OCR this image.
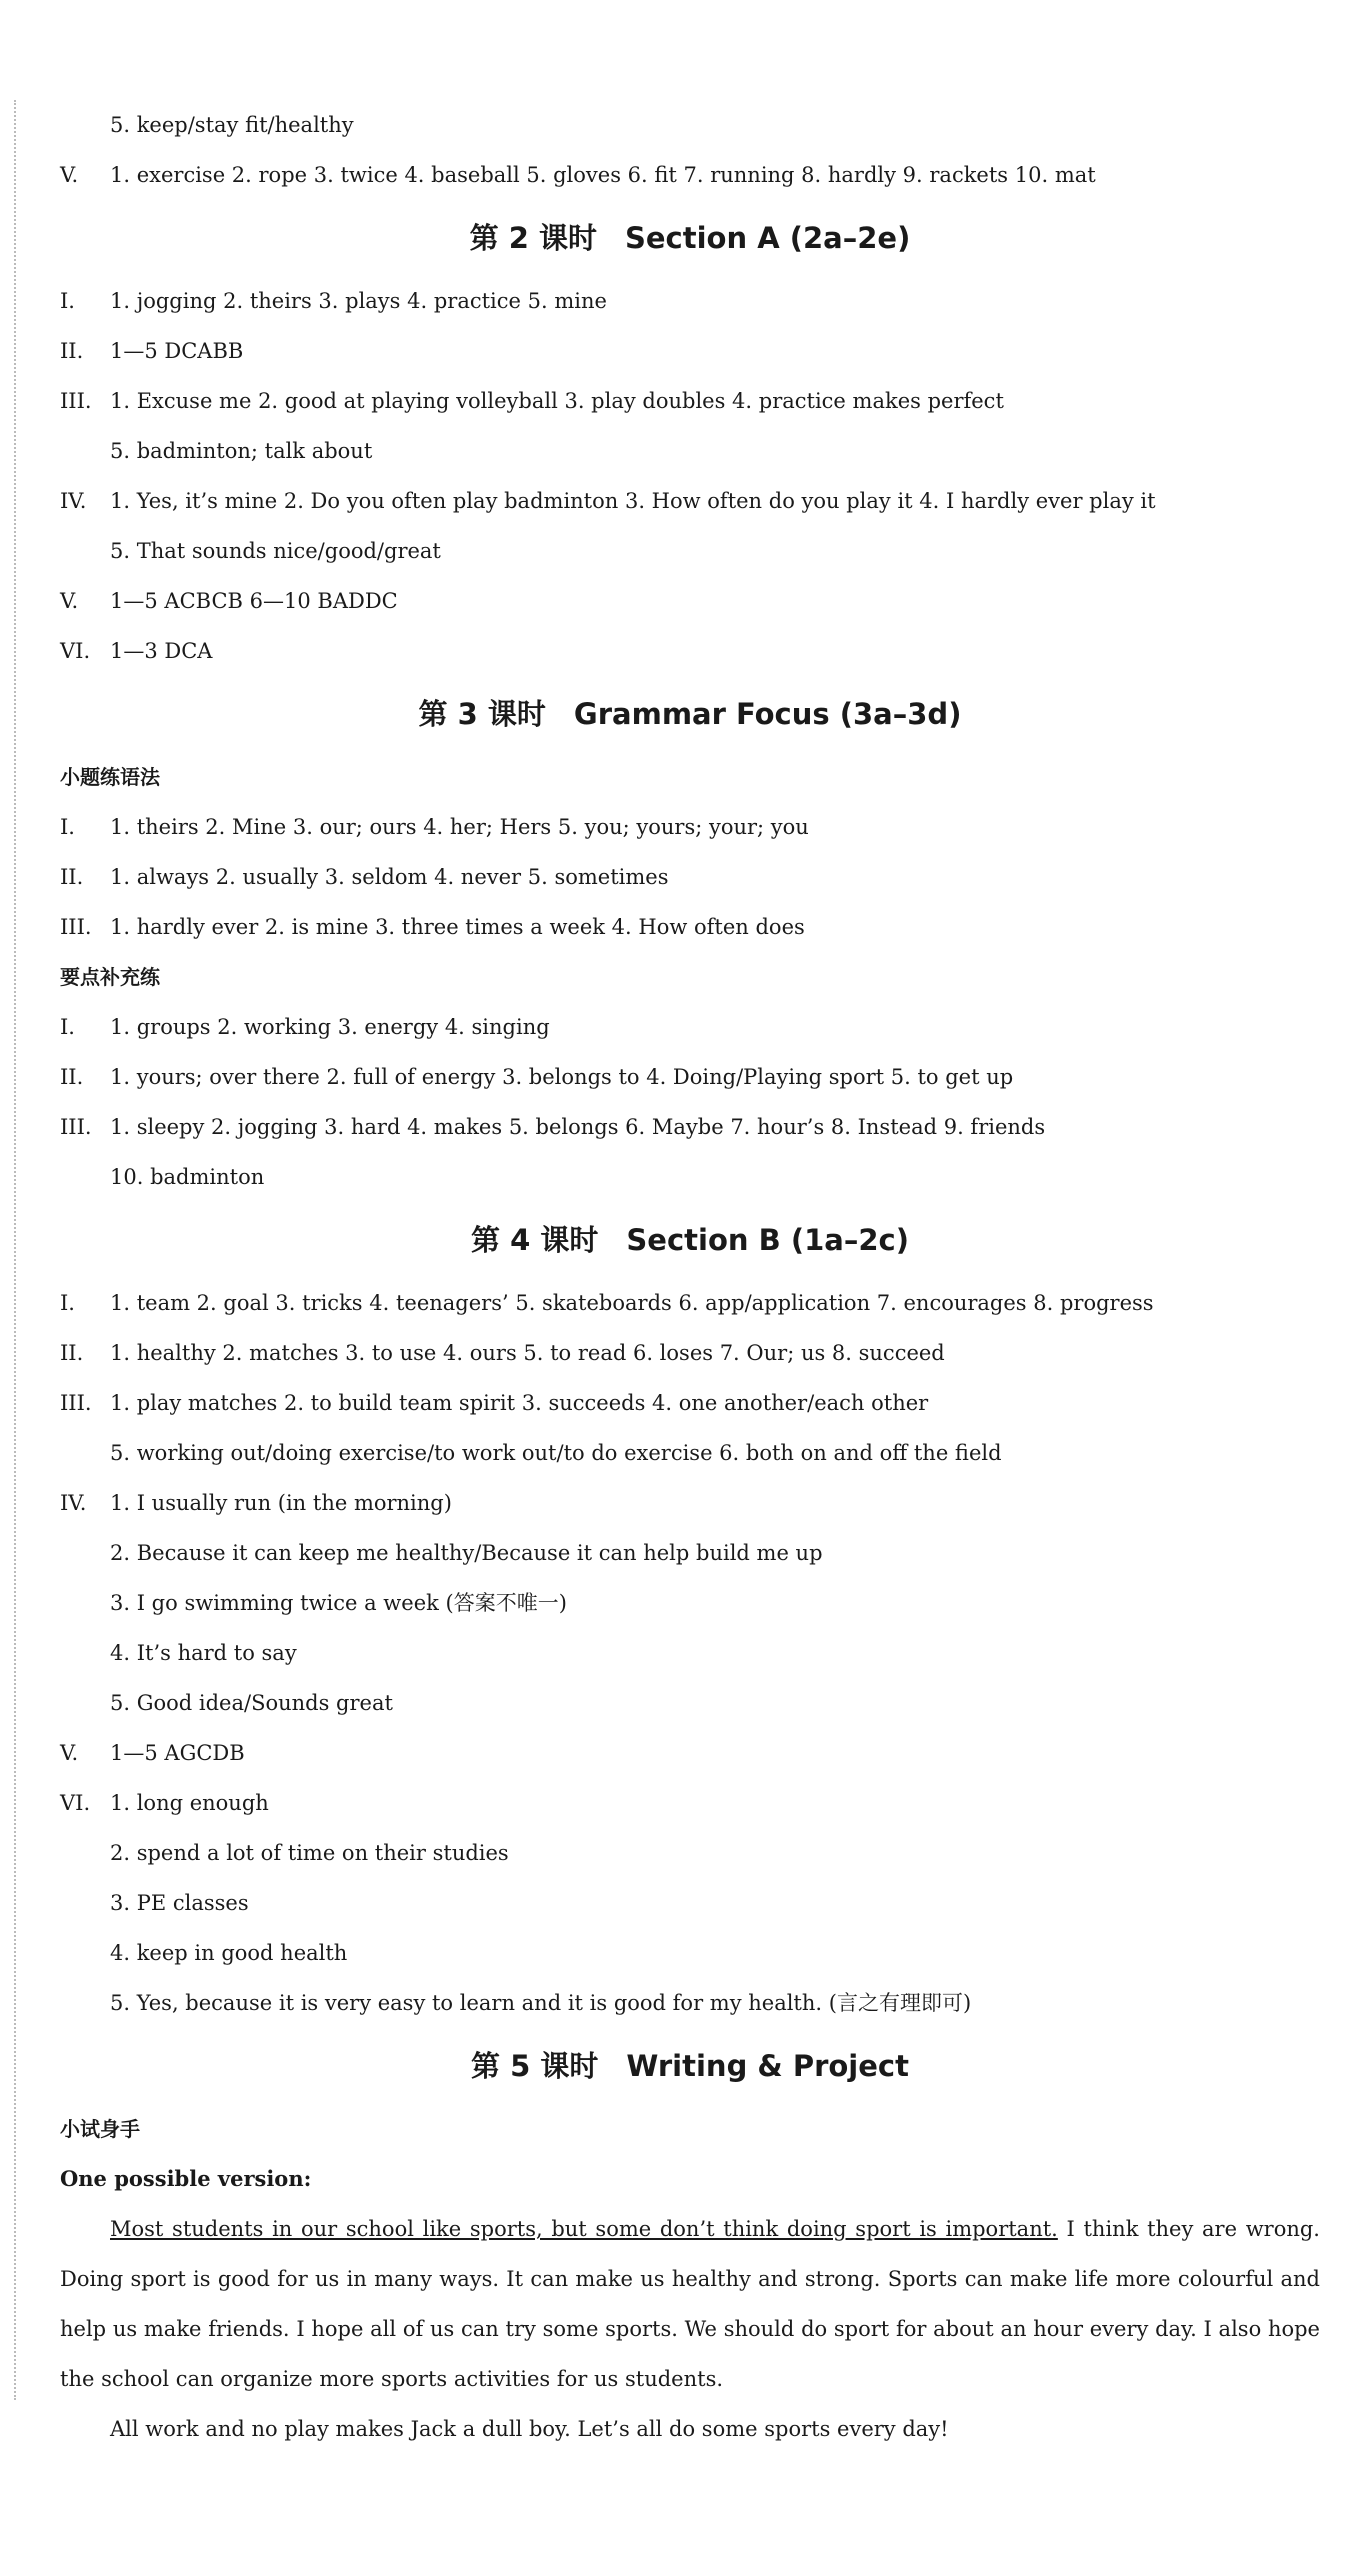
5. keep/stay fit/healthy

V. 1. exercise 2. rope 3. twice 4. baseball 5. gloves 6. fit 7. running 8. hardly 9. rackets 10. mat

第 2 课时 Section A (2a–2e)

I. 1. jogging 2. theirs 3. plays 4. practice 5. mine

II. 1—5 DCABB

III. 1. Excuse me 2. good at playing volleyball 3. play doubles 4. practice makes perfect

5. badminton; talk about

IV. 1. Yes, it’s mine 2. Do you often play badminton 3. How often do you play it 4. I hardly ever play it

5. That sounds nice/good/great

V. 1—5 ACBCB 6—10 BADDC

VI. 1—3 DCA

第 3 课时 Grammar Focus (3a–3d)

小题练语法

I. 1. theirs 2. Mine 3. our; ours 4. her; Hers 5. you; yours; your; you

II. 1. always 2. usually 3. seldom 4. never 5. sometimes

III. 1. hardly ever 2. is mine 3. three times a week 4. How often does

要点补充练

I. 1. groups 2. working 3. energy 4. singing

II. 1. yours; over there 2. full of energy 3. belongs to 4. Doing/Playing sport 5. to get up

III. 1. sleepy 2. jogging 3. hard 4. makes 5. belongs 6. Maybe 7. hour’s 8. Instead 9. friends

10. badminton

第 4 课时 Section B (1a–2c)

I. 1. team 2. goal 3. tricks 4. teenagers’ 5. skateboards 6. app/application 7. encourages 8. progress

II. 1. healthy 2. matches 3. to use 4. ours 5. to read 6. loses 7. Our; us 8. succeed

III. 1. play matches 2. to build team spirit 3. succeeds 4. one another/each other

5. working out/doing exercise/to work out/to do exercise 6. both on and off the field

IV. 1. I usually run (in the morning)

2. Because it can keep me healthy/Because it can help build me up

3. I go swimming twice a week (答案不唯一)

4. It’s hard to say

5. Good idea/Sounds great

V. 1—5 AGCDB

VI. 1. long enough

2. spend a lot of time on their studies

3. PE classes

4. keep in good health

5. Yes, because it is very easy to learn and it is good for my health. (言之有理即可)

第 5 课时 Writing & Project

小试身手

One possible version:

Most students in our school like sports, but some don’t think doing sport is important. I think they are wrong. Doing sport is good for us in many ways. It can make us healthy and strong. Sports can make life more colourful and help us make friends. I hope all of us can try some sports. We should do sport for about an hour every day. I also hope the school can organize more sports activities for us students.

All work and no play makes Jack a dull boy. Let’s all do some sports every day!
